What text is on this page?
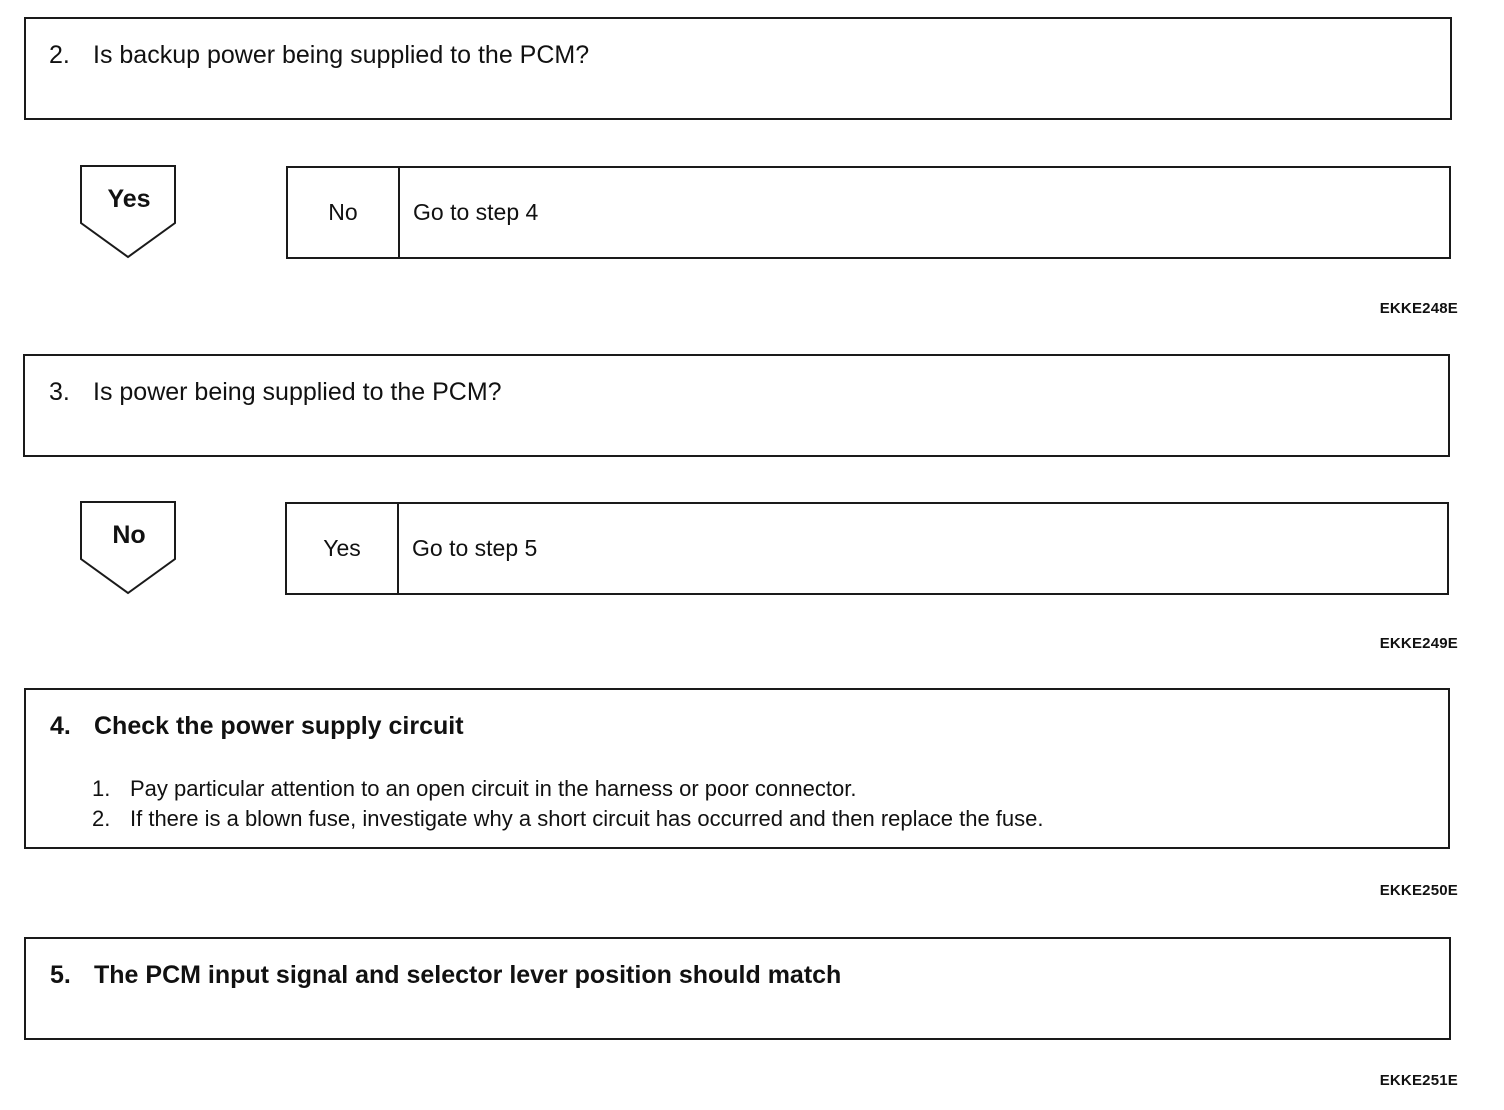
2. Is backup power being supplied to the PCM?
Yes	No	Go to step 4
EKKE248E
3. Is power being supplied to the PCM?
No	Yes	Go to step 5
EKKE249E
4. Check the power supply circuit
1. Pay particular attention to an open circuit in the harness or poor connector.
2. If there is a blown fuse, investigate why a short circuit has occurred and then replace the fuse.
EKKE250E
5. The PCM input signal and selector lever position should match
EKKE251E
